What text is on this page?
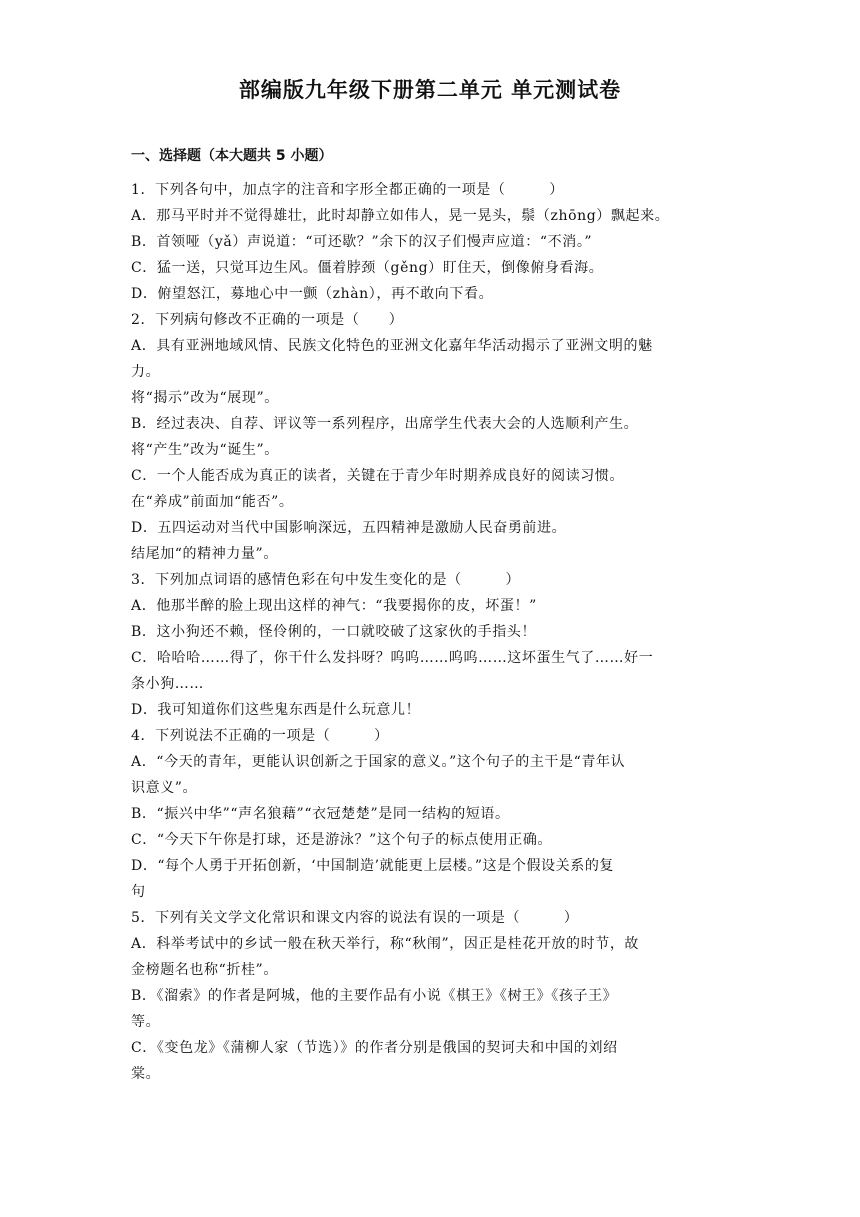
部编版九年级下册第二单元 单元测试卷
一、选择题（本大题共 5 小题）
1．下列各句中，加点字的注音和字形全都正确的一项是（　　　）
A．那马平时并不觉得雄壮，此时却静立如伟人，晃一晃头，鬃（zhōng）飘起来。
B．首领哑（yǎ）声说道：“可还歇？”余下的汉子们慢声应道：“不消。”
C．猛一送，只觉耳边生风。僵着脖颈（gěng）盯住天，倒像俯身看海。
D．俯望怒江，募地心中一颤（zhàn），再不敢向下看。
2．下列病句修改不正确的一项是（　　）
A．具有亚洲地域风情、民族文化特色的亚洲文化嘉年华活动揭示了亚洲文明的魅
力。
将“揭示”改为“展现”。
B．经过表决、自荐、评议等一系列程序，出席学生代表大会的人选顺利产生。
将“产生”改为“诞生”。
C．一个人能否成为真正的读者，关键在于青少年时期养成良好的阅读习惯。
在“养成”前面加“能否”。
D．五四运动对当代中国影响深远，五四精神是激励人民奋勇前进。
结尾加“的精神力量”。
3．下列加点词语的感情色彩在句中发生变化的是（　　　）
A．他那半醉的脸上现出这样的神气：“我要揭你的皮，坏蛋！”
B．这小狗还不赖，怪伶俐的，一口就咬破了这家伙的手指头！
C．哈哈哈……得了，你干什么发抖呀？呜呜……呜呜……这坏蛋生气了……好一
条小狗……
D．我可知道你们这些鬼东西是什么玩意儿！
4．下列说法不正确的一项是（　　　）
A．“今天的青年，更能认识创新之于国家的意义。”这个句子的主干是“青年认
识意义”。
B．“振兴中华”“声名狼藉”“衣冠楚楚”是同一结构的短语。
C．“今天下午你是打球，还是游泳？”这个句子的标点使用正确。
D．“每个人勇于开拓创新，‘中国制造’就能更上层楼。”这是个假设关系的复
句
5．下列有关文学文化常识和课文内容的说法有误的一项是（　　　）
A．科举考试中的乡试一般在秋天举行，称“秋闱”，因正是桂花开放的时节，故
金榜题名也称“折桂”。
B．《溜索》的作者是阿城，他的主要作品有小说《棋王》《树王》《孩子王》
等。
C．《变色龙》《蒲柳人家（节选）》的作者分别是俄国的契诃夫和中国的刘绍
棠。
